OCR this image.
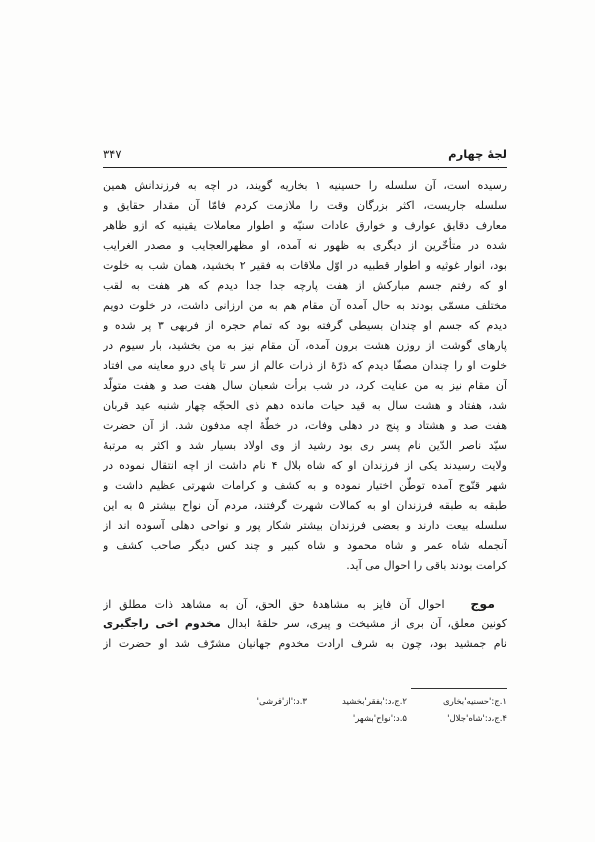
لجهٔ چهارم
۳۴۷
رسیده است، آن سلسله را حسینیه ۱ بخاریه گویند، در اچه به فرزندانش همین
سلسله جاریست، اکثر بزرگان وقت را ملازمت کردم فامّا آن مقدار حقایق و
معارف دقایق عوارف و خوارق عادات سنیّه و اطوار معاملات یقینیه که ازو ظاهر
شده در متأخّرین از دیگری به ظهور نه آمده، او مظهرالعجایب و مصدر الغرایب
بود، انوار غوثیه و اطوار قطبیه در اوّل ملاقات به فقیر ۲ بخشید، همان شب به خلوت
او که رفتم جسم مبارکش از هفت پارچه جدا جدا دیدم که هر هفت به لقب
مختلف مسمّی بودند به حال آمده آن مقام هم به من ارزانی داشت، در خلوت دویم
دیدم که جسم او چندان بسیطی گرفته بود که تمام حجره از فربهی ۳ پر شده و
پارهای گوشت از روزن هشت برون آمده، آن مقام نیز به من بخشید، بار سیوم در
خلوت او را چندان مصفّا دیدم که ذرّهٔ از ذرات عالم از سر تا پای درو معاینه می افتاد
آن مقام نیز به من عنایت کرد، در شب برأت شعبان سال هفت صد و هفت متولّد
شد، هفتاد و هشت سال به قید حیات مانده دهم ذی الحجّه چهار شنبه عید قربان
هفت صد و هشتاد و پنج در دهلی وفات، در خطّهٔ اچه مدفون شد. از آن حضرت
سیّد ناصر الدّین نام پسر ری بود رشید از وی اولاد بسیار شد و اکثر به مرتبهٔ
ولایت رسیدند یکی از فرزندان او که شاه بلال ۴ نام داشت از اچه انتقال نموده در
شهر قنّوج آمده توطّن اختیار نموده و به کشف و کرامات شهرتی عظیم داشت و
طبقه به طبقه فرزندان او به کمالات شهرت گرفتند، مردم آن نواح بیشتر ۵ به این
سلسله بیعت دارند و بعضی فرزندان بیشتر شکار پور و نواحی دهلی آسوده اند از
آنجمله شاه عمر و شاه محمود و شاه کبیر و چند کس دیگر صاحب کشف و
کرامت بودند باقی را احوال می آید.
موج احوال آن فایز به مشاهدهٔ حق الحق، آن به مشاهد ذات مطلق از
کونین معلق، آن بری از مشیخت و پیری، سر حلقهٔ ابدال مخدوم اخی راجگیری
نام جمشید بود، چون به شرف ارادت مخدوم جهانیان مشرّف شد او حضرت از
۱.ج:'حسنیه'بخاری
۲.ج،د:'بفقر'بخشید
۳.د:'از'فرشی'
۴.ج،د:'شاه'جلال'
۵.د:'نواح'بشهر'
